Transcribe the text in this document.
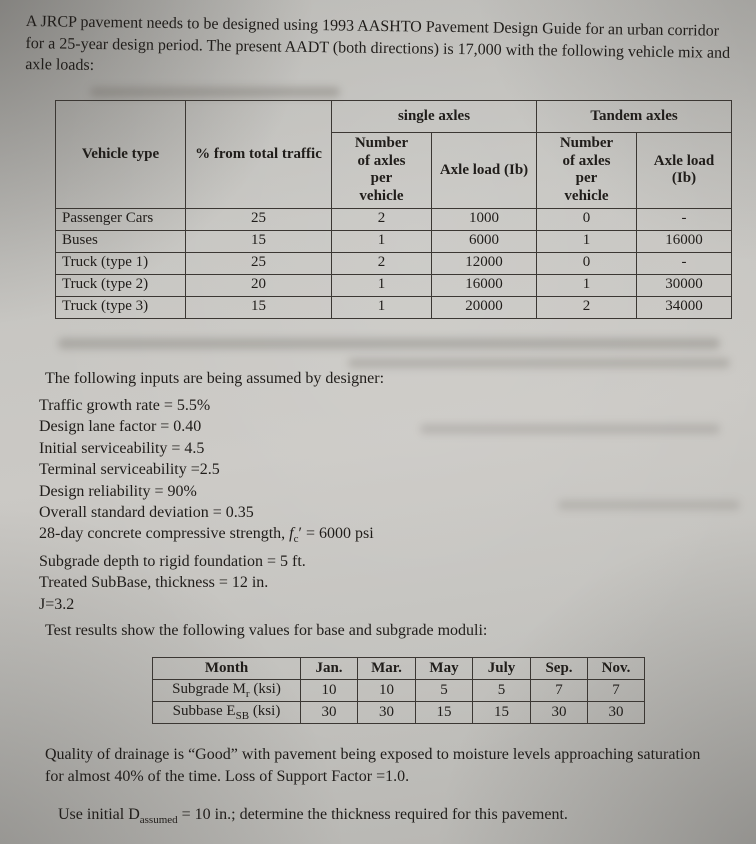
A JRCP pavement needs to be designed using 1993 AASHTO Pavement Design Guide for an urban corridor for a 25-year design period. The present AADT (both directions) is 17,000 with the following vehicle mix and axle loads:

Vehicle type	% from total traffic	single axles		Tandem axles	
		Number of axles per vehicle	Axle load (Ib)	Number of axles per vehicle	Axle load (Ib)
Passenger Cars	25	2	1000	0	-
Buses	15	1	6000	1	16000
Truck (type 1)	25	2	12000	0	-
Truck (type 2)	20	1	16000	1	30000
Truck (type 3)	15	1	20000	2	34000

The following inputs are being assumed by designer:

Traffic growth rate = 5.5%
Design lane factor = 0.40
Initial serviceability = 4.5
Terminal serviceability =2.5
Design reliability = 90%
Overall standard deviation = 0.35
28-day concrete compressive strength, $f_c' = 6000$ psi
Subgrade depth to rigid foundation = 5 ft.
Treated SubBase, thickness = 12 in.
J=3.2

Test results show the following values for base and subgrade moduli:

Month	Jan.	Mar.	May	July	Sep.	Nov.
Subgrade $M_r$ (ksi)	10	10	5	5	7	7
Subbase $E_{SB}$ (ksi)	30	30	15	15	30	30

Quality of drainage is “Good” with pavement being exposed to moisture levels approaching saturation for almost 40% of the time. Loss of Support Factor =1.0.

Use initial $D_{assumed} = 10$ in.; determine the thickness required for this pavement.
